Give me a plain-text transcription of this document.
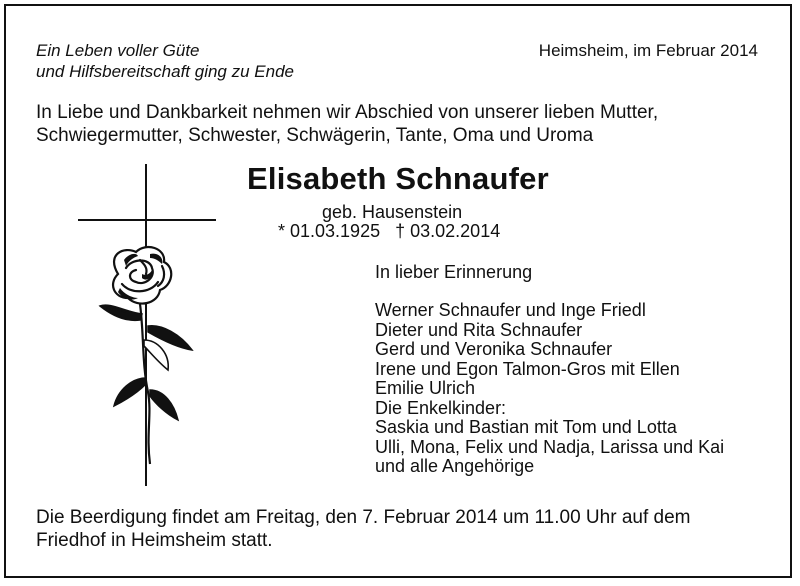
Ein Leben voller Güte
und Hilfsbereitschaft ging zu Ende
Heimsheim, im Februar 2014
In Liebe und Dankbarkeit nehmen wir Abschied von unserer lieben Mutter,
Schwiegermutter, Schwester, Schwägerin, Tante, Oma und Uroma
Elisabeth Schnaufer
geb. Hausenstein
* 01.03.1925 † 03.02.2014
In lieber Erinnerung
Werner Schnaufer und Inge Friedl
Dieter und Rita Schnaufer
Gerd und Veronika Schnaufer
Irene und Egon Talmon-Gros mit Ellen
Emilie Ulrich
Die Enkelkinder:
Saskia und Bastian mit Tom und Lotta
Ulli, Mona, Felix und Nadja, Larissa und Kai
und alle Angehörige
Die Beerdigung findet am Freitag, den 7. Februar 2014 um 11.00 Uhr auf dem
Friedhof in Heimsheim statt.
